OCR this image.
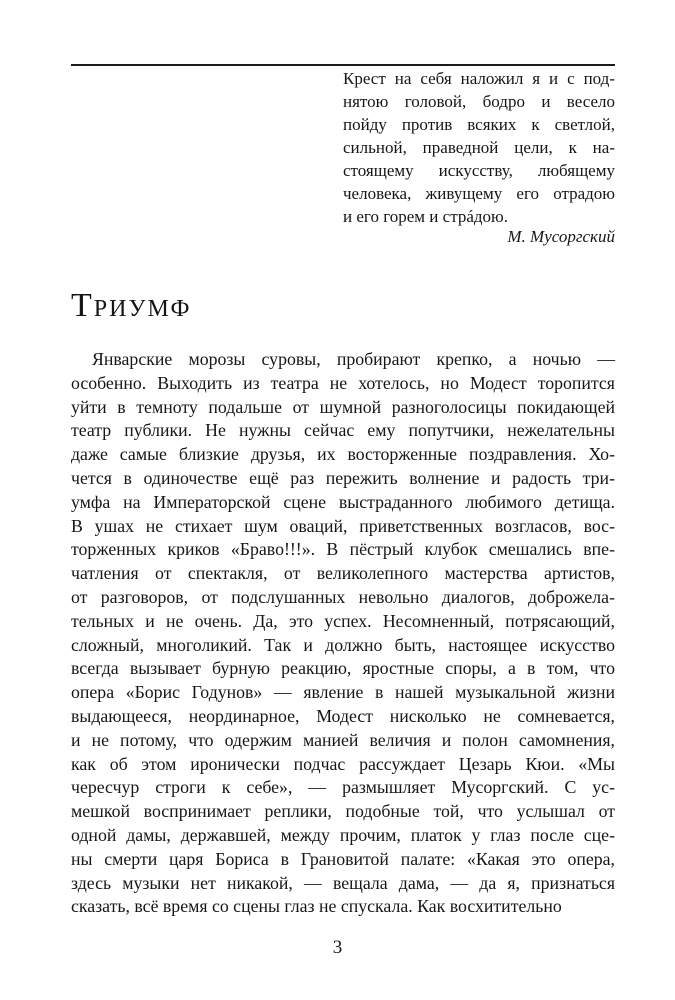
Крест на себя наложил я и с под-
нятою головой, бодро и весело
пойду против всяких к светлой,
сильной, праведной цели, к на-
стоящему искусству, любящему
человека, живущему его отрадою
и его горем и стрáдою.
М. Мусоргский
Триумф
Январские морозы суровы, пробирают крепко, а ночью —
особенно. Выходить из театра не хотелось, но Модест торопится
уйти в темноту подальше от шумной разноголосицы покидающей
театр публики. Не нужны сейчас ему попутчики, нежелательны
даже самые близкие друзья, их восторженные поздравления. Хо-
чется в одиночестве ещё раз пережить волнение и радость три-
умфа на Императорской сцене выстраданного любимого детища.
В ушах не стихает шум оваций, приветственных возгласов, вос-
торженных криков «Браво!!!». В пёстрый клубок смешались впе-
чатления от спектакля, от великолепного мастерства артистов,
от разговоров, от подслушанных невольно диалогов, доброжела-
тельных и не очень. Да, это успех. Несомненный, потрясающий,
сложный, многоликий. Так и должно быть, настоящее искусство
всегда вызывает бурную реакцию, яростные споры, а в том, что
опера «Борис Годунов» — явление в нашей музыкальной жизни
выдающееся, неординарное, Модест нисколько не сомневается,
и не потому, что одержим манией величия и полон самомнения,
как об этом иронически подчас рассуждает Цезарь Кюи. «Мы
чересчур строги к себе», — размышляет Мусоргский. С ус-
мешкой воспринимает реплики, подобные той, что услышал от
одной дамы, державшей, между прочим, платок у глаз после сце-
ны смерти царя Бориса в Грановитой палате: «Какая это опера,
здесь музыки нет никакой, — вещала дама, — да я, признаться
сказать, всё время со сцены глаз не спускала. Как восхитительно
3
